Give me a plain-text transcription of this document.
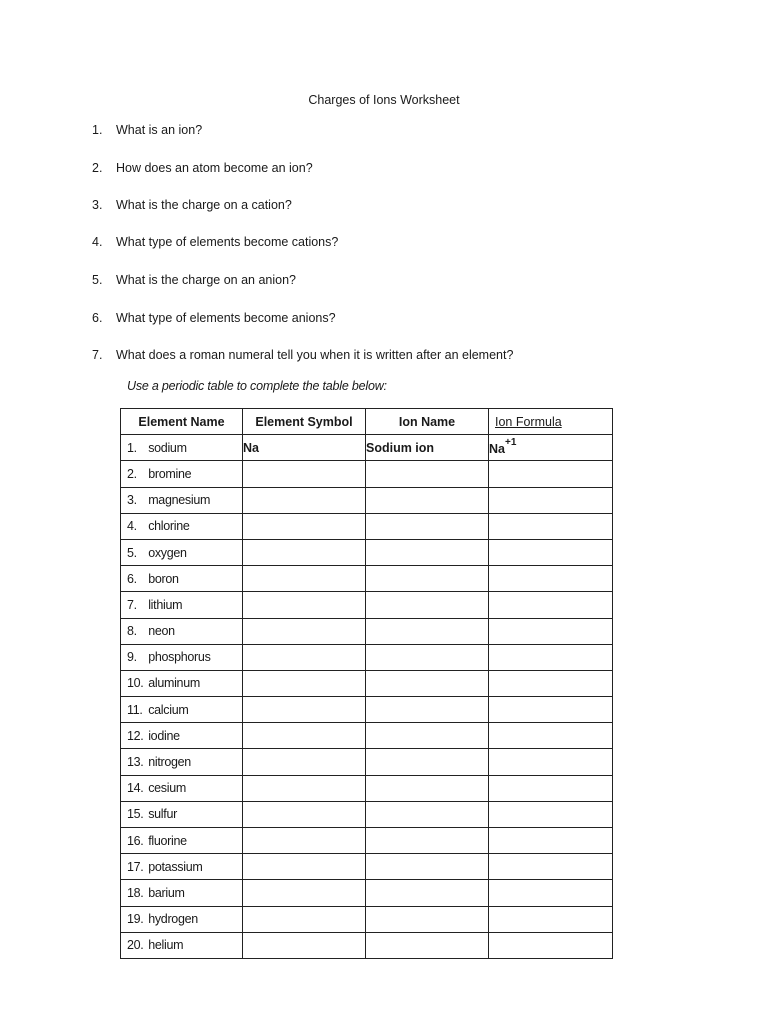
Charges of Ions Worksheet
1. What is an ion?
2. How does an atom become an ion?
3. What is the charge on a cation?
4. What type of elements become cations?
5. What is the charge on an anion?
6. What type of elements become anions?
7. What does a roman numeral tell you when it is written after an element?
Use a periodic table to complete the table below:
Element Name	Element Symbol	Ion Name	Ion Formula
1. sodium	Na	Sodium ion	$Na^{+1}$
2. bromine			
3. magnesium			
4. chlorine			
5. oxygen			
6. boron			
7. lithium			
8. neon			
9. phosphorus			
10. aluminum			
11. calcium			
12. iodine			
13. nitrogen			
14. cesium			
15. sulfur			
16. fluorine			
17. potassium			
18. barium			
19. hydrogen			
20. helium			
